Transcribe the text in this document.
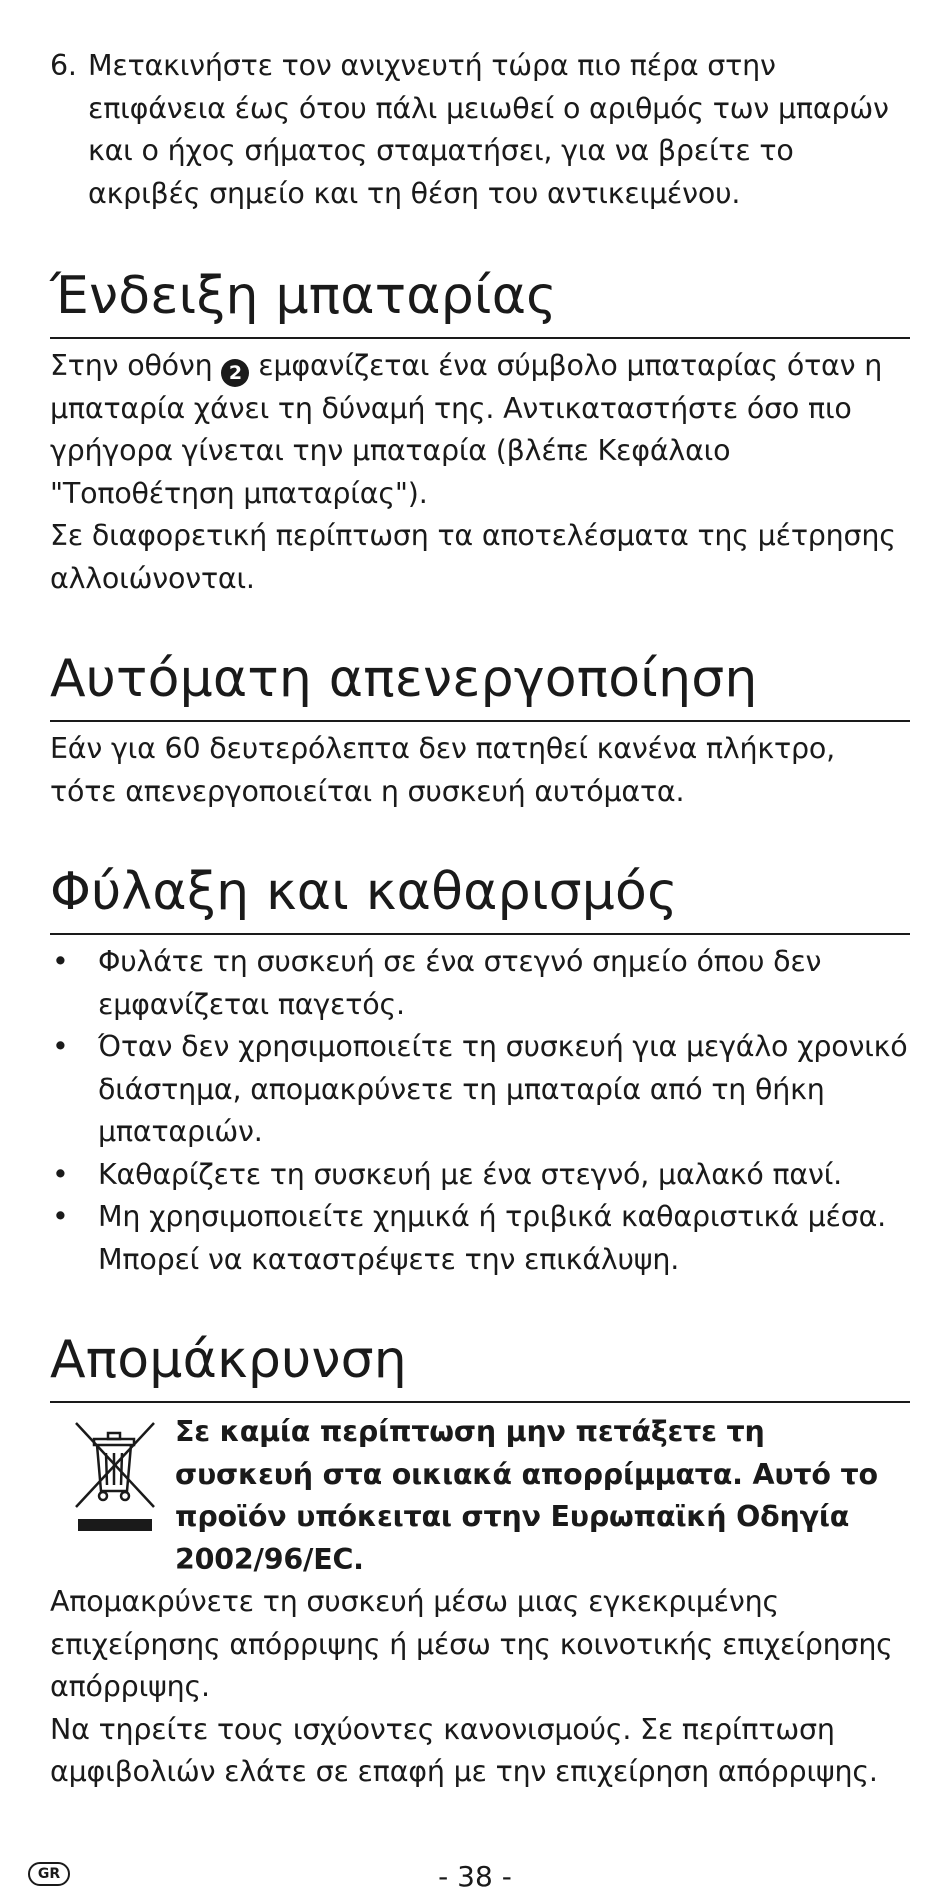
6. Μετακινήστε τον ανιχνευτή τώρα πιο πέρα στην επιφάνεια έως ότου πάλι μειωθεί ο αριθμός των μπαρών και ο ήχος σήματος σταματήσει, για να βρείτε το ακριβές σημείο και τη θέση του αντικειμένου.
Ένδειξη μπαταρίας

Στην οθόνη 2 εμφανίζεται ένα σύμβολο μπαταρίας όταν η μπαταρία χάνει τη δύναμή της. Αντικαταστήστε όσο πιο γρήγορα γίνεται την μπαταρία (βλέπε Κεφάλαιο "Τοποθέτηση μπαταρίας").

Σε διαφορετική περίπτωση τα αποτελέσματα της μέτρησης αλλοιώνονται.

Αυτόματη απενεργοποίηση

Εάν για 60 δευτερόλεπτα δεν πατηθεί κανένα πλήκτρο, τότε απενεργοποιείται η συσκευή αυτόματα.

Φύλαξη και καθαρισμός
• Φυλάτε τη συσκευή σε ένα στεγνό σημείο όπου δεν εμφανίζεται παγετός.
• Όταν δεν χρησιμοποιείτε τη συσκευή για μεγάλο χρονικό διάστημα, απομακρύνετε τη μπαταρία από τη θήκη μπαταριών.
• Καθαρίζετε τη συσκευή με ένα στεγνό, μαλακό πανί.
• Μη χρησιμοποιείτε χημικά ή τριβικά καθαριστικά μέσα. Μπορεί να καταστρέψετε την επικάλυψη.
Απομάκρυνση

Σε καμία περίπτωση μην πετάξετε τη συσκευή στα οικιακά απορρίμματα. Αυτό το προϊόν υπόκειται στην Ευρωπαϊκή Οδηγία 2002/96/EC.

Απομακρύνετε τη συσκευή μέσω μιας εγκεκριμένης επιχείρησης απόρριψης ή μέσω της κοινοτικής επιχείρησης απόρριψης.

Να τηρείτε τους ισχύοντες κανονισμούς. Σε περίπτωση αμφιβολιών ελάτε σε επαφή με την επιχείρηση απόρριψης.

GR	- 38 -
